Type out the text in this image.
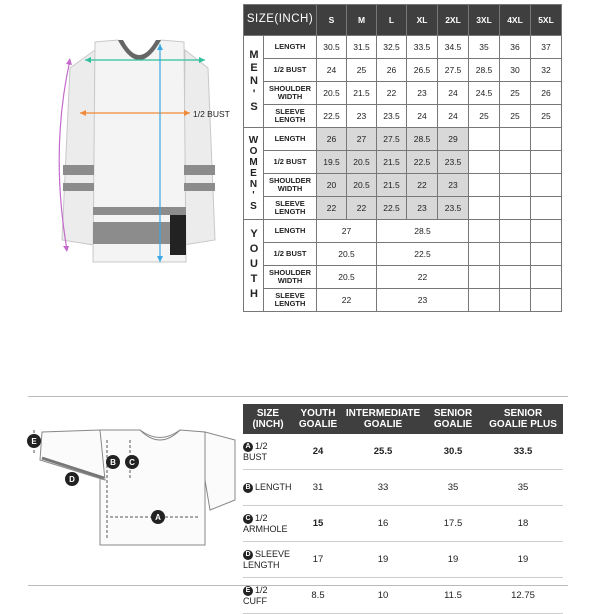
1/2 BUST
SIZE(INCH)		S	M	L	XL	2XL	3XL	4XL	5XL
MEN'S	LENGTH	30.5	31.5	32.5	33.5	34.5	35	36	37
	1/2 BUST	24	25	26	26.5	27.5	28.5	30	32
	SHOULDER WIDTH	20.5	21.5	22	23	24	24.5	25	26
	SLEEVE LENGTH	22.5	23	23.5	24	24	25	25	25
WOMEN'S	LENGTH	26	27	27.5	28.5	29			
	1/2 BUST	19.5	20.5	21.5	22.5	23.5			
	SHOULDER WIDTH	20	20.5	21.5	22	23			
	SLEEVE LENGTH	22	22	22.5	23	23.5			
YOUTH	LENGTH	27		28.5					
	1/2 BUST	20.5		22.5					
	SHOULDER WIDTH	20.5		22					
	SLEEVE LENGTH	22		23					
A
B C
D
E
SIZE (INCH)	YOUTH GOALIE	INTERMEDIATE GOALIE	SENIOR GOALIE	SENIOR GOALIE PLUS
A 1/2 BUST	24	25.5	30.5	33.5
B LENGTH	31	33	35	35
C 1/2 ARMHOLE	15	16	17.5	18
D SLEEVE LENGTH	17	19	19	19
E 1/2 CUFF	8.5	10	11.5	12.75
